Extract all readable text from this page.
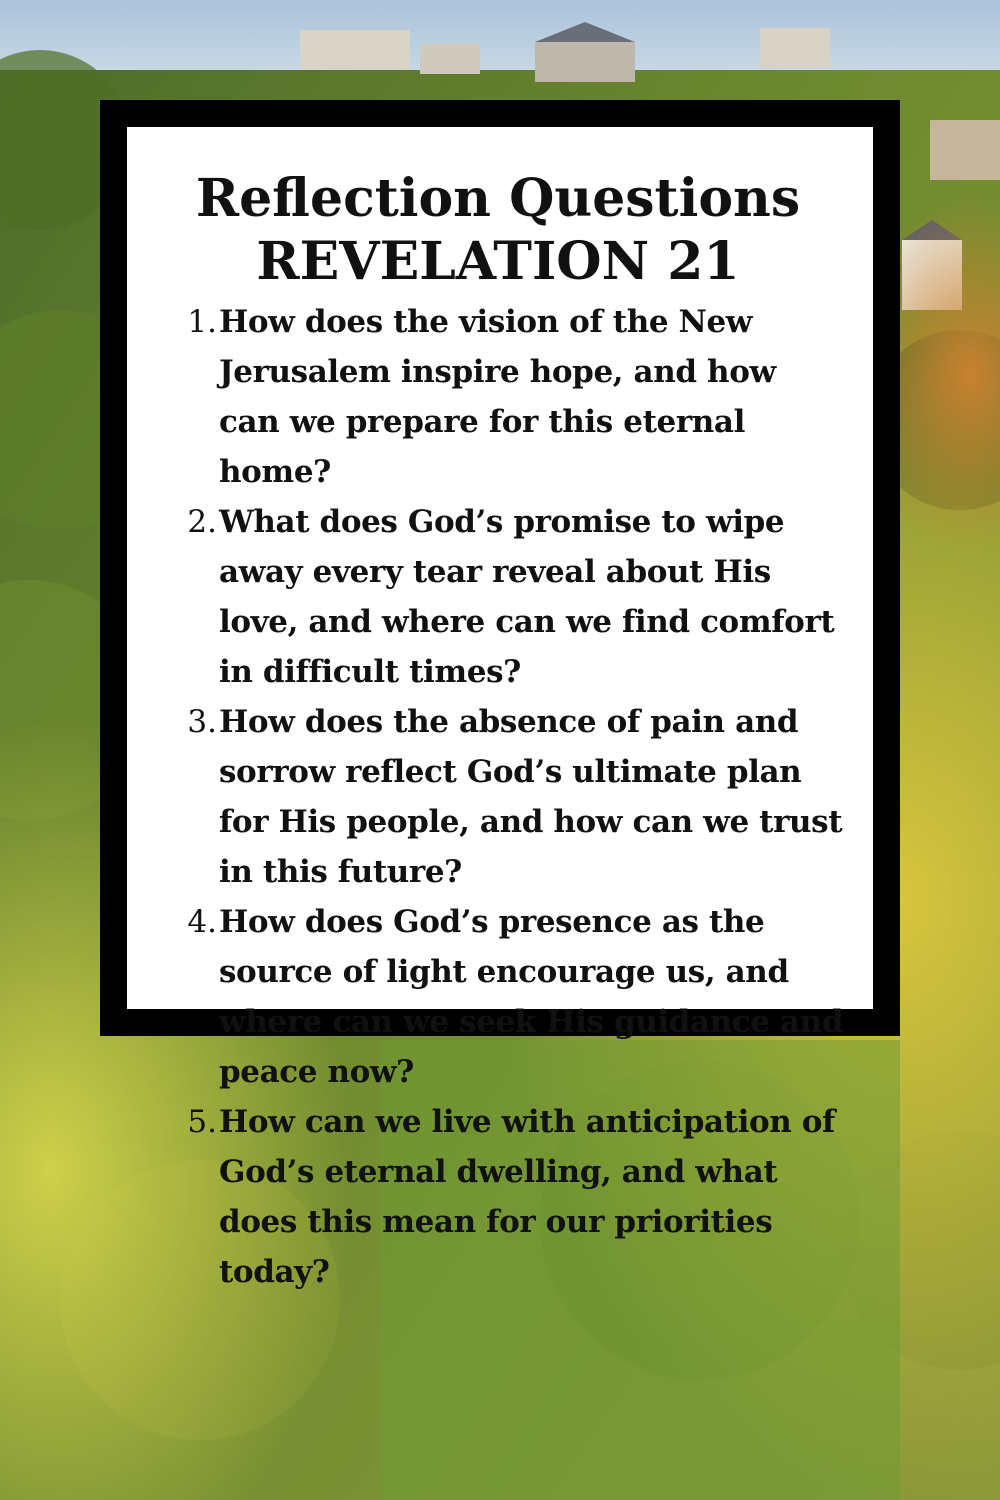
Reflection Questions
REVELATION 21
1. How does the vision of the New Jerusalem inspire hope, and how can we prepare for this eternal home?
2. What does God’s promise to wipe away every tear reveal about His love, and where can we find comfort in difficult times?
3. How does the absence of pain and sorrow reflect God’s ultimate plan for His people, and how can we trust in this future?
4. How does God’s presence as the source of light encourage us, and where can we seek His guidance and peace now?
5. How can we live with anticipation of God’s eternal dwelling, and what does this mean for our priorities today?
